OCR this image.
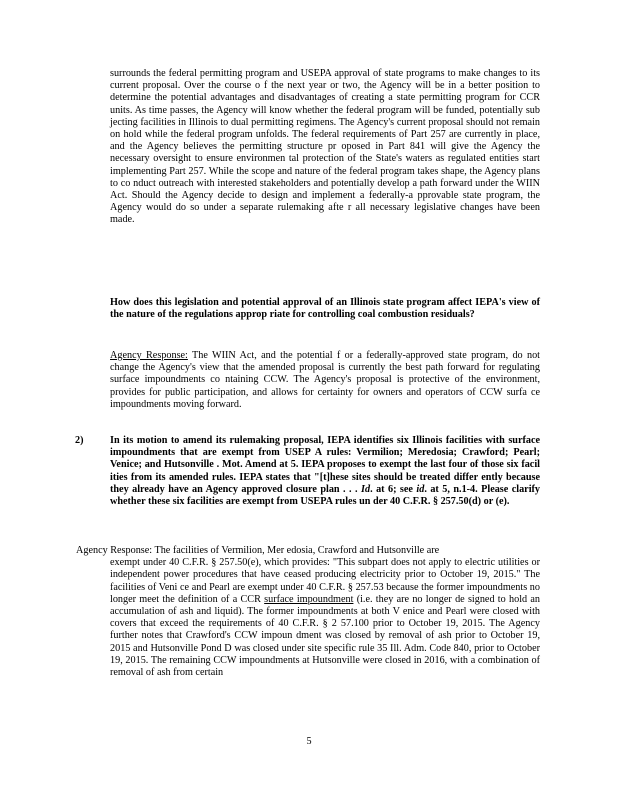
surrounds the federal permitting program and USEPA approval of state programs to make changes to its current proposal. Over the course o f the next year or two, the Agency will be in a better position to determine the potential advantages and disadvantages of creating a state permitting program for CCR units. As time passes, the Agency will know whether the federal program will be funded, potentially sub jecting facilities in Illinois to dual permitting regimens. The Agency's current proposal should not remain on hold while the federal program unfolds. The federal requirements of Part 257 are currently in place, and the Agency believes the permitting structure pr oposed in Part 841 will give the Agency the necessary oversight to ensure environmen tal protection of the State's waters as regulated entities start implementing Part 257. While the scope and nature of the federal program takes shape, the Agency plans to co nduct outreach with interested stakeholders and potentially develop a path forward under the WIIN Act. Should the Agency decide to design and implement a federally-a pprovable state program, the Agency would do so under a separate rulemaking afte r all necessary legislative changes have been made.
How does this legislation and potential approval of an Illinois state program affect IEPA's view of the nature of the regulations approp riate for controlling coal combustion residuals?
Agency Response: The WIIN Act, and the potential f or a federally-approved state program, do not change the Agency's view that the amended proposal is currently the best path forward for regulating surface impoundments co ntaining CCW. The Agency's proposal is protective of the environment, provides for public participation, and allows for certainty for owners and operators of CCW surfa ce impoundments moving forward.
2)	In its motion to amend its rulemaking proposal, IEPA identifies six Illinois facilities with surface impoundments that are exempt from USEP A rules: Vermilion; Meredosia; Crawford; Pearl; Venice; and Hutsonville . Mot. Amend at 5. IEPA proposes to exempt the last four of those six facil ities from its amended rules. IEPA states that "[t]hese sites should be treated differ ently because they already have an Agency approved closure plan . . . Id. at 6; see id. at 5, n.1-4. Please clarify whether these six facilities are exempt from USEPA rules un der 40 C.F.R. § 257.50(d) or (e).
Agency Response: The facilities of Vermilion, Mer edosia, Crawford and Hutsonville are
exempt under 40 C.F.R. § 257.50(e), which provides: "This subpart does not apply to electric utilities or independent power procedures that have ceased producing electricity prior to October 19, 2015." The facilities of Veni ce and Pearl are exempt under 40 C.F.R. § 257.53 because the former impoundments no longer meet the definition of a CCR surface impoundment (i.e. they are no longer de signed to hold an accumulation of ash and liquid). The former impoundments at both V enice and Pearl were closed with covers that exceed the requirements of 40 C.F.R. § 2 57.100 prior to October 19, 2015. The Agency further notes that Crawford's CCW impoun dment was closed by removal of ash prior to October 19, 2015 and Hutsonville Pond D was closed under site specific rule 35 Ill. Adm. Code 840, prior to October 19, 2015. The remaining CCW impoundments at Hutsonville were closed in 2016, with a combination of removal of ash from certain
5
